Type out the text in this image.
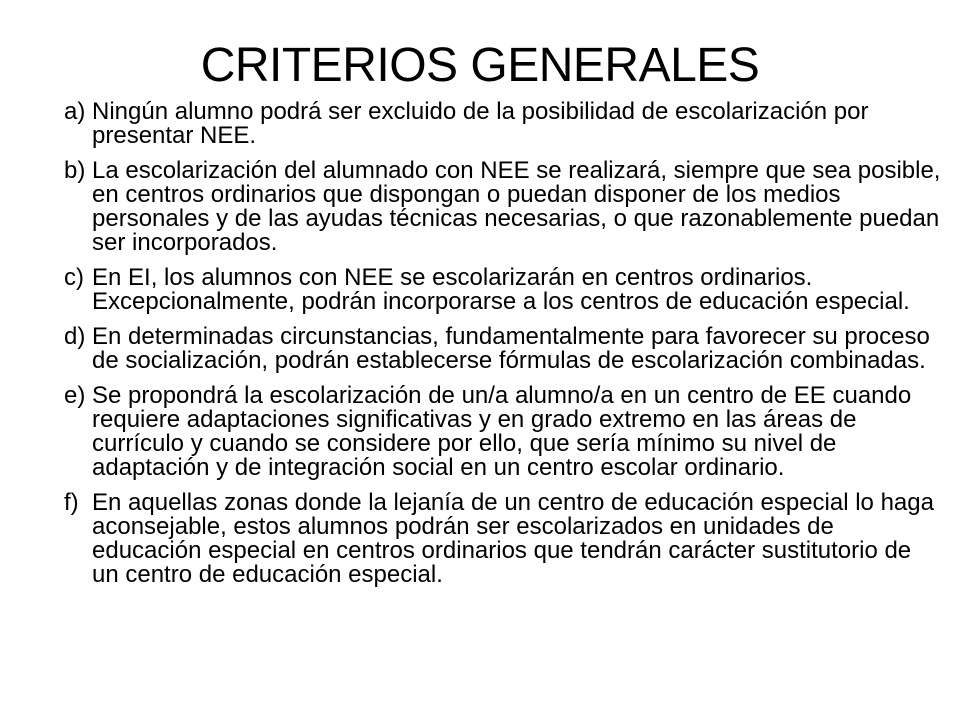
CRITERIOS GENERALES
a) Ningún alumno podrá ser excluido de la posibilidad de escolarización por presentar NEE.
b) La escolarización del alumnado con NEE se realizará, siempre que sea posible, en centros ordinarios que dispongan o puedan disponer de los medios personales y de las ayudas técnicas necesarias, o que razonablemente puedan ser incorporados.
c) En EI, los alumnos con NEE se escolarizarán en centros ordinarios. Excepcionalmente, podrán incorporarse a los centros de educación especial.
d) En determinadas circunstancias, fundamentalmente para favorecer su proceso de socialización, podrán establecerse fórmulas de escolarización combinadas.
e) Se propondrá la escolarización de un/a alumno/a en un centro de EE cuando requiere adaptaciones significativas y en grado extremo en las áreas de currículo y cuando se considere por ello, que sería mínimo su nivel de adaptación y de integración social en un centro escolar ordinario.
f) En aquellas zonas donde la lejanía de un centro de educación especial lo haga aconsejable, estos alumnos podrán ser escolarizados en unidades de educación especial en centros ordinarios que tendrán carácter sustitutorio de un centro de educación especial.
